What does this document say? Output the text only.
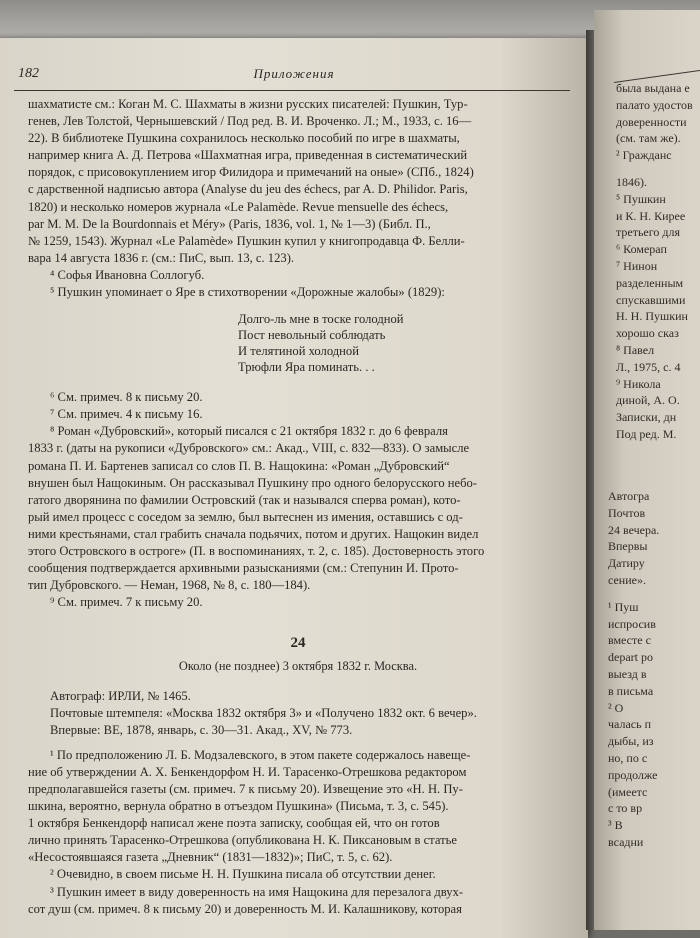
182	Приложения

шахматисте см.: Коган М. С. Шахматы в жизни русских писателей: Пушкин, Тур-

генев, Лев Толстой, Чернышевский / Под ред. В. И. Вроченко. Л.; М., 1933, с. 16—

22). В библиотеке Пушкина сохранилось несколько пособий по игре в шахматы,

например книга А. Д. Петрова «Шахматная игра, приведенная в систематический

порядок, с присовокуплением игор Филидора и примечаний на оные» (СПб., 1824)

с дарственной надписью автора (Analyse du jeu des échecs, par A. D. Philidor. Paris,

1820) и несколько номеров журнала «Le Palamède. Revue mensuelle des échecs,

par M. M. De la Bourdonnais et Méry» (Paris, 1836, vol. 1, № 1—3) (Библ. П.,

№ 1259, 1543). Журнал «Le Palamède» Пушкин купил у книгопродавца Ф. Белли-

вара 14 августа 1836 г. (см.: ПиС, вып. 13, с. 123).

⁴ Софья Ивановна Соллогуб.

⁵ Пушкин упоминает о Яре в стихотворении «Дорожные жалобы» (1829):

Долго-ль мне в тоске голодной
Пост невольный соблюдать
И телятиной холодной
Трюфли Яра поминать. . .

⁶ См. примеч. 8 к письму 20.

⁷ См. примеч. 4 к письму 16.

⁸ Роман «Дубровский», который писался с 21 октября 1832 г. до 6 февраля

1833 г. (даты на рукописи «Дубровского» см.: Акад., VIII, с. 832—833). О замысле

романа П. И. Бартенев записал со слов П. В. Нащокина: «Роман „Дубровский“

внушен был Нащокиным. Он рассказывал Пушкину про одного белорусского небо-

гатого дворянина по фамилии Островский (так и назывался сперва роман), кото-

рый имел процесс с соседом за землю, был вытеснен из имения, оставшись с од-

ними крестьянами, стал грабить сначала подьячих, потом и других. Нащокин видел

этого Островского в остроге» (П. в воспоминаниях, т. 2, с. 185). Достоверность этого

сообщения подтверждается архивными разысканиями (см.: Степунин И. Прото-

тип Дубровского. — Неман, 1968, № 8, с. 180—184).

⁹ См. примеч. 7 к письму 20.

24
Около (не позднее) 3 октября 1832 г. Москва.

Автограф: ИРЛИ, № 1465.

Почтовые штемпеля: «Москва 1832 октября 3» и «Получено 1832 окт. 6 вечер».

Впервые: ВЕ, 1878, январь, с. 30—31. Акад., XV, № 773.

¹ По предположению Л. Б. Модзалевского, в этом пакете содержалось навеще-

ние об утверждении А. Х. Бенкендорфом Н. И. Тарасенко-Отрешкова редактором

предполагавшейся газеты (см. примеч. 7 к письму 20). Извещение это «Н. Н. Пу-

шкина, вероятно, вернула обратно в отъездом Пушкина» (Письма, т. 3, с. 545).

1 октября Бенкендорф написал жене поэта записку, сообщая ей, что он готов

лично принять Тарасенко-Отрешкова (опубликована Н. К. Пиксановым в статье

«Несостоявшаяся газета „Дневник“ (1831—1832)»; ПиС, т. 5, с. 62).

² Очевидно, в своем письме Н. Н. Пушкина писала об отсутствии денег.

³ Пушкин имеет в виду доверенность на имя Нащокина для перезалога двух-

сот душ (см. примеч. 8 к письму 20) и доверенность М. И. Калашникову, которая

была выдана е
палато удостов
доверенности
(см. там же).
² Гражданс
1846).
⁵ Пушкин
и К. Н. Кирее
третьего для
⁶ Комерап
⁷ Нинон
разделенным
спускавшими
Н. Н. Пушкин
хорошо сказ
⁸ Павел
Л., 1975, с. 4
⁹ Никола
диной, А. О.
Записки, дн
Под ред. М.
Автогра
Почтов
24 вечера.
Впервы
Датиру
сение».
¹ Пуш
испросив
вместе с
depart po
выезд в
в письма
² О
чалась п
дыбы, из
но, по с
продолже
(имеетс
с то вр
³ В
всадни
